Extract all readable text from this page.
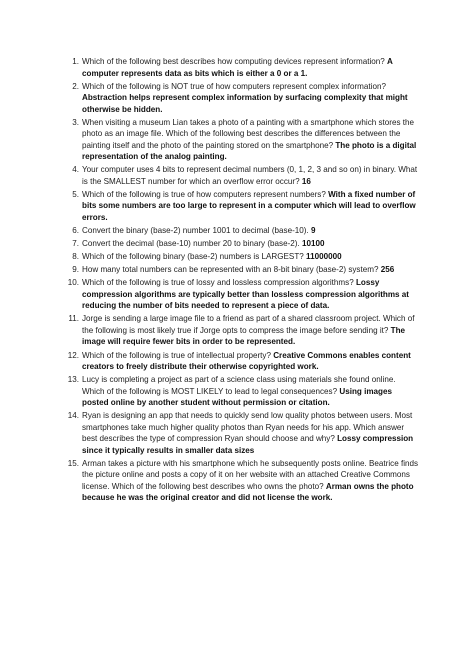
1. Which of the following best describes how computing devices represent information? A computer represents data as bits which is either a 0 or a 1.
2. Which of the following is NOT true of how computers represent complex information? Abstraction helps represent complex information by surfacing complexity that might otherwise be hidden.
3. When visiting a museum Lian takes a photo of a painting with a smartphone which stores the photo as an image file. Which of the following best describes the differences between the painting itself and the photo of the painting stored on the smartphone? The photo is a digital representation of the analog painting.
4. Your computer uses 4 bits to represent decimal numbers (0, 1, 2, 3 and so on) in binary. What is the SMALLEST number for which an overflow error occur? 16
5. Which of the following is true of how computers represent numbers? With a fixed number of bits some numbers are too large to represent in a computer which will lead to overflow errors.
6. Convert the binary (base-2) number 1001 to decimal (base-10). 9
7. Convert the decimal (base-10) number 20 to binary (base-2). 10100
8. Which of the following binary (base-2) numbers is LARGEST? 11000000
9. How many total numbers can be represented with an 8-bit binary (base-2) system? 256
10. Which of the following is true of lossy and lossless compression algorithms? Lossy compression algorithms are typically better than lossless compression algorithms at reducing the number of bits needed to represent a piece of data.
11. Jorge is sending a large image file to a friend as part of a shared classroom project. Which of the following is most likely true if Jorge opts to compress the image before sending it? The image will require fewer bits in order to be represented.
12. Which of the following is true of intellectual property? Creative Commons enables content creators to freely distribute their otherwise copyrighted work.
13. Lucy is completing a project as part of a science class using materials she found online. Which of the following is MOST LIKELY to lead to legal consequences? Using images posted online by another student without permission or citation.
14. Ryan is designing an app that needs to quickly send low quality photos between users. Most smartphones take much higher quality photos than Ryan needs for his app. Which answer best describes the type of compression Ryan should choose and why? Lossy compression since it typically results in smaller data sizes
15. Arman takes a picture with his smartphone which he subsequently posts online. Beatrice finds the picture online and posts a copy of it on her website with an attached Creative Commons license. Which of the following best describes who owns the photo? Arman owns the photo because he was the original creator and did not license the work.
